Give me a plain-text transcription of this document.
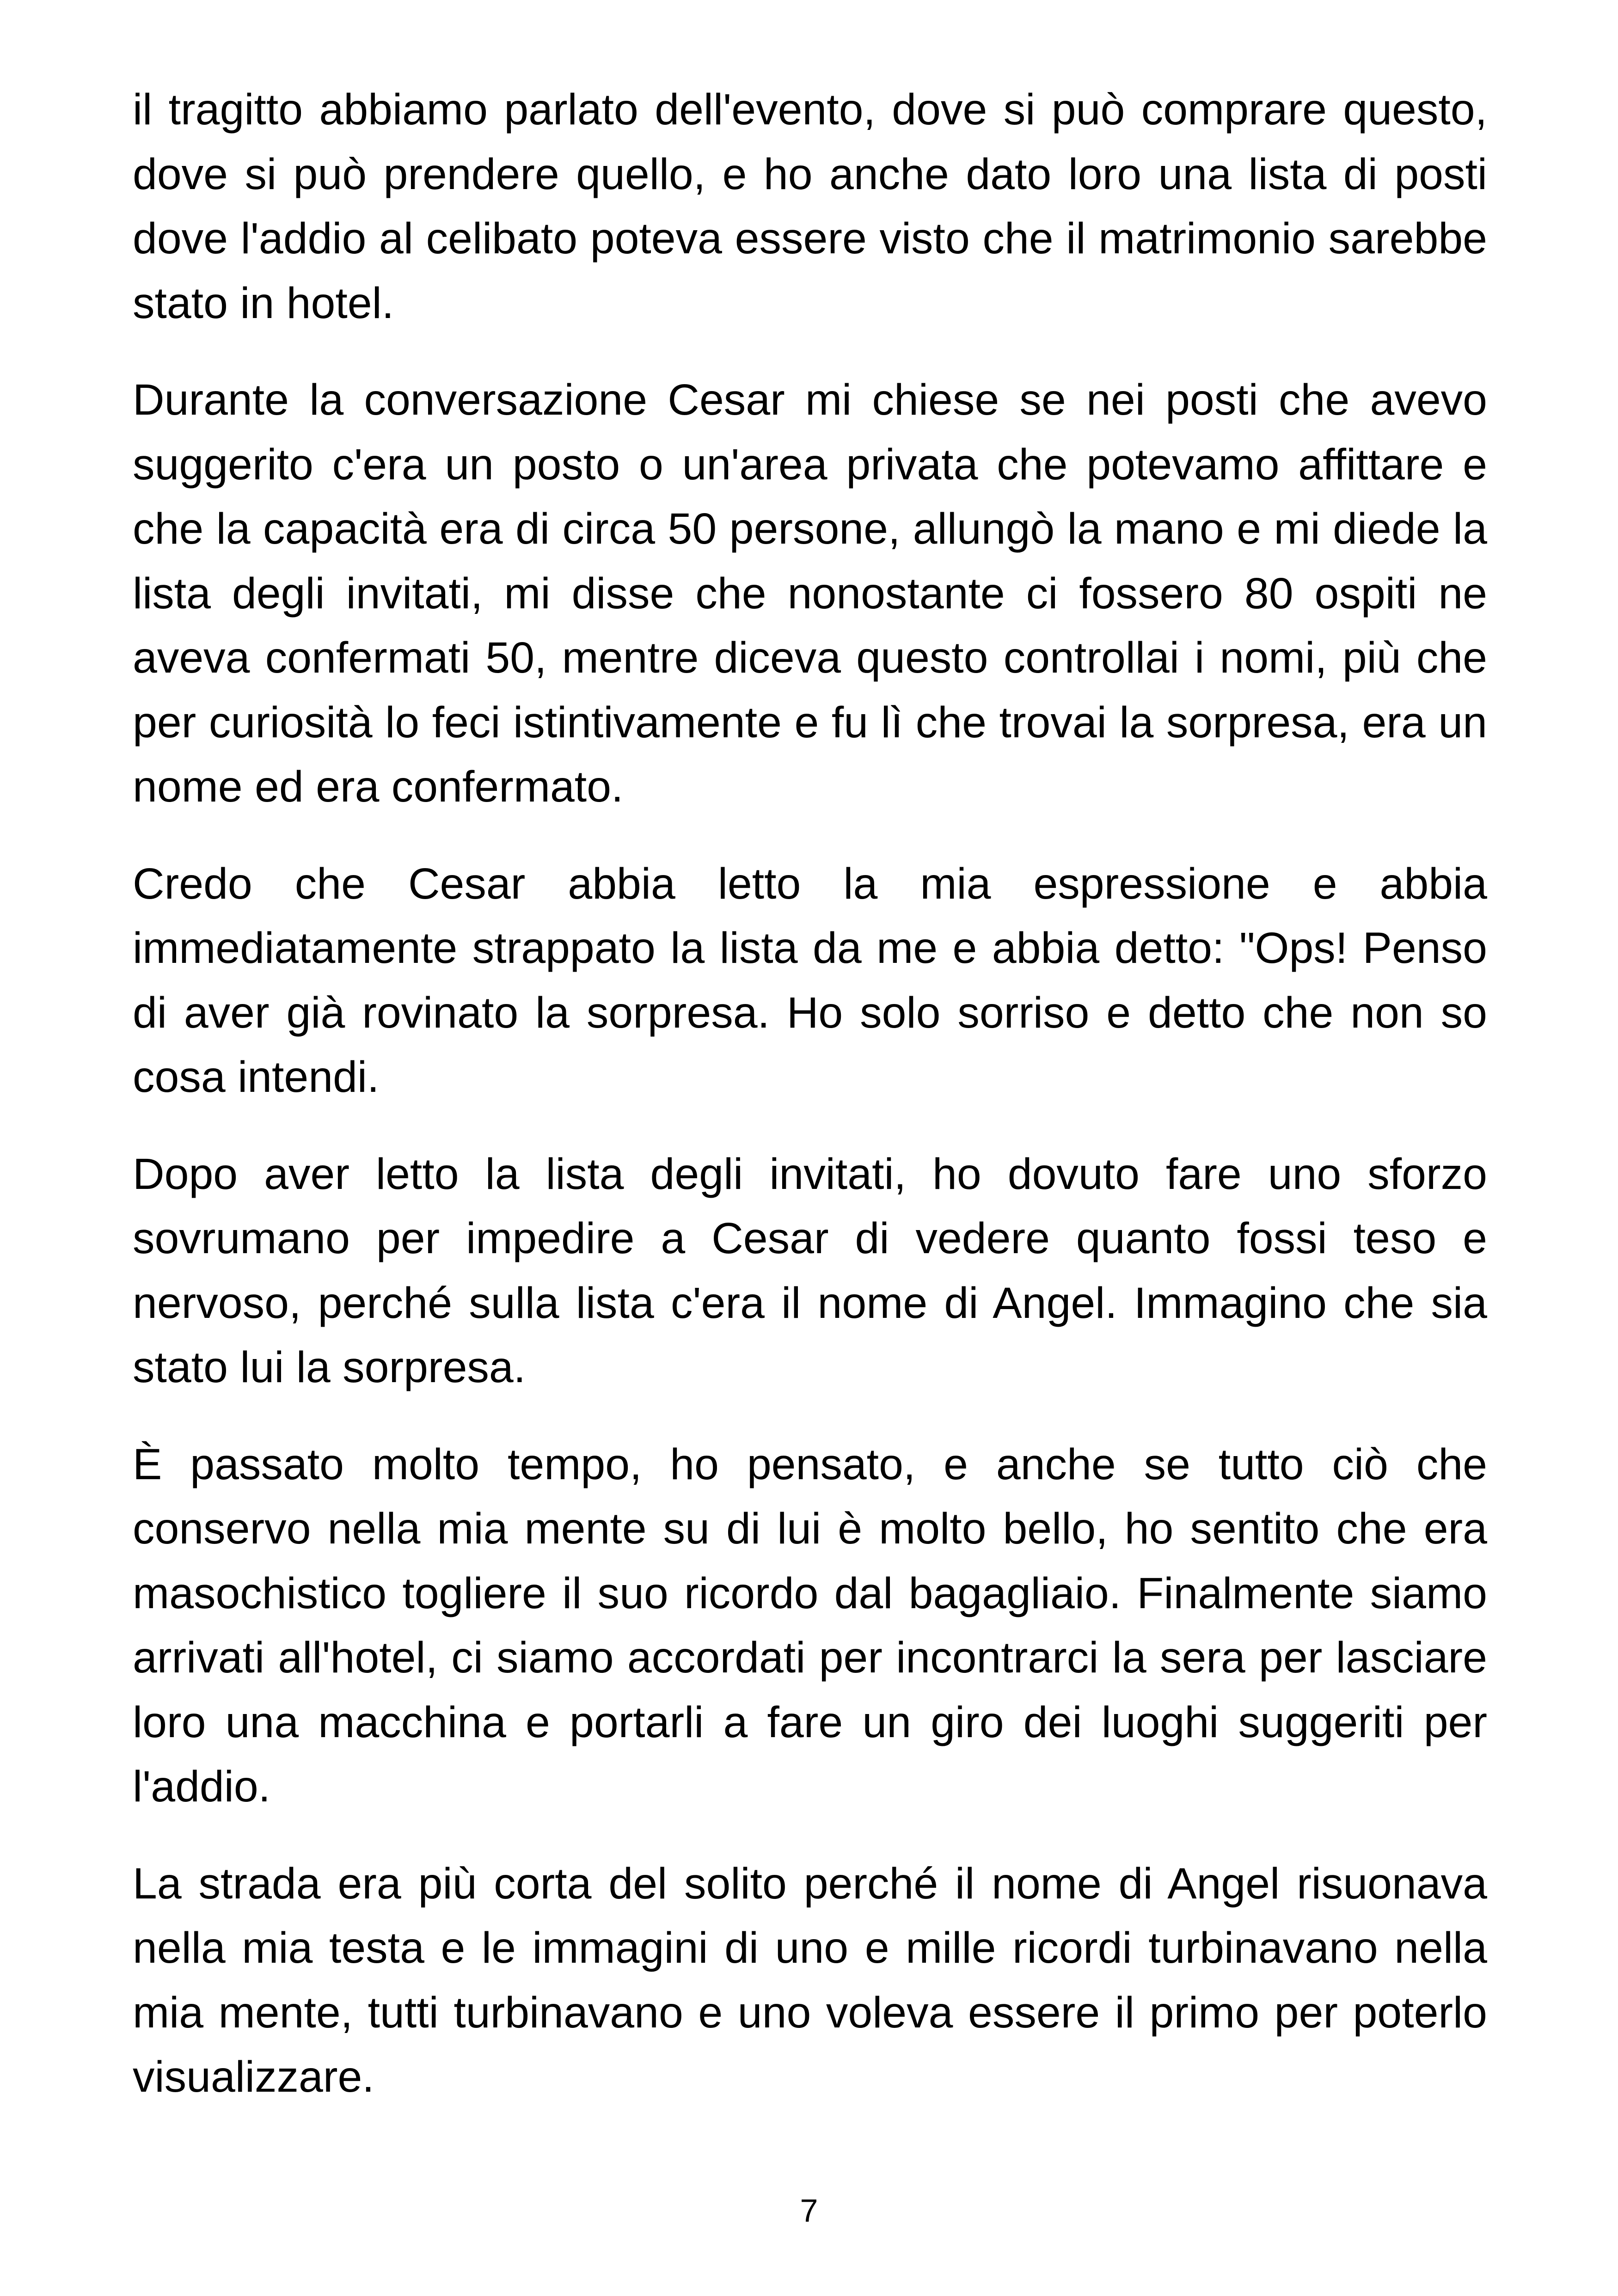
il tragitto abbiamo parlato dell'evento, dove si può comprare questo, dove si può prendere quello, e ho anche dato loro una lista di posti dove l'addio al celibato poteva essere visto che il matrimonio sarebbe stato in hotel.

Durante la conversazione Cesar mi chiese se nei posti che avevo suggerito c'era un posto o un'area privata che potevamo affittare e che la capacità era di circa 50 persone, allungò la mano e mi diede la lista degli invitati, mi disse che nonostante ci fossero 80 ospiti ne aveva confermati 50, mentre diceva questo controllai i nomi, più che per curiosità lo feci istintivamente e fu lì che trovai la sorpresa, era un nome ed era confermato.

Credo che Cesar abbia letto la mia espressione e abbia immediatamente strappato la lista da me e abbia detto: "Ops! Penso di aver già rovinato la sorpresa. Ho solo sorriso e detto che non so cosa intendi.

Dopo aver letto la lista degli invitati, ho dovuto fare uno sforzo sovrumano per impedire a Cesar di vedere quanto fossi teso e nervoso, perché sulla lista c'era il nome di Angel. Immagino che sia stato lui la sorpresa.

È passato molto tempo, ho pensato, e anche se tutto ciò che conservo nella mia mente su di lui è molto bello, ho sentito che era masochistico togliere il suo ricordo dal bagagliaio. Finalmente siamo arrivati all'hotel, ci siamo accordati per incontrarci la sera per lasciare loro una macchina e portarli a fare un giro dei luoghi suggeriti per l'addio.

La strada era più corta del solito perché il nome di Angel risuonava nella mia testa e le immagini di uno e mille ricordi turbinavano nella mia mente, tutti turbinavano e uno voleva essere il primo per poterlo visualizzare.

7
